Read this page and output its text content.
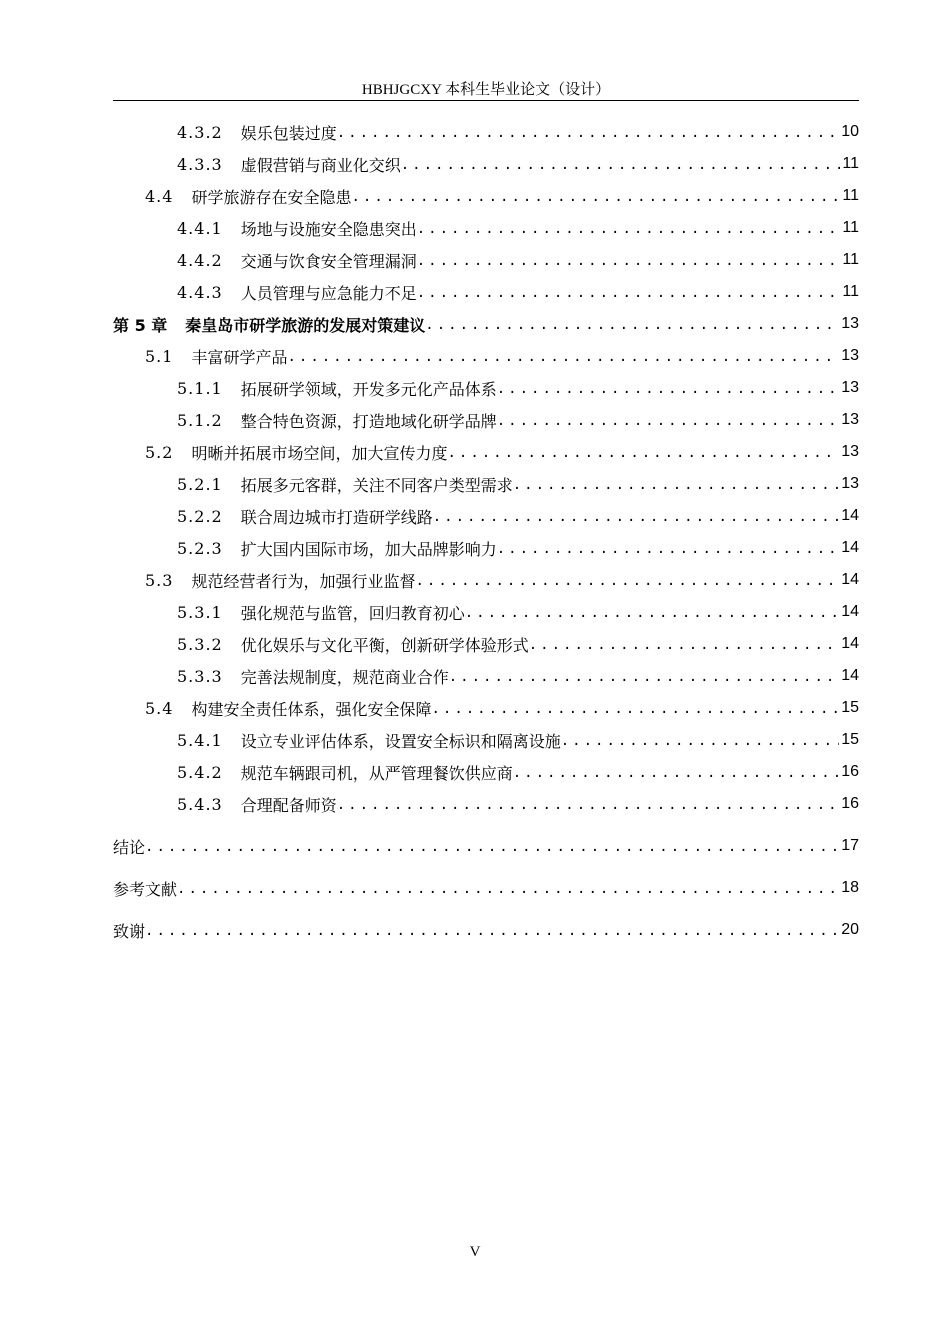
HBHJGCXY 本科生毕业论文（设计）
4.3.2 娱乐包装过度 .....	10
4.3.3 虚假营销与商业化交织 .....	11
4.4 研学旅游存在安全隐患 .....	11
4.4.1 场地与设施安全隐患突出 .....	11
4.4.2 交通与饮食安全管理漏洞 .....	11
4.4.3 人员管理与应急能力不足 .....	11
第 5 章 秦皇岛市研学旅游的发展对策建议 .....	13
5.1 丰富研学产品 .....	13
5.1.1 拓展研学领域，开发多元化产品体系 .....	13
5.1.2 整合特色资源，打造地域化研学品牌 .....	13
5.2 明晰并拓展市场空间，加大宣传力度 .....	13
5.2.1 拓展多元客群，关注不同客户类型需求 .....	13
5.2.2 联合周边城市打造研学线路 .....	14
5.2.3 扩大国内国际市场，加大品牌影响力 .....	14
5.3 规范经营者行为，加强行业监督 .....	14
5.3.1 强化规范与监管，回归教育初心 .....	14
5.3.2 优化娱乐与文化平衡，创新研学体验形式 .....	14
5.3.3 完善法规制度，规范商业合作 .....	14
5.4 构建安全责任体系，强化安全保障 .....	15
5.4.1 设立专业评估体系，设置安全标识和隔离设施 .....	15
5.4.2 规范车辆跟司机，从严管理餐饮供应商 .....	16
5.4.3 合理配备师资 .....	16
结论 .....	17
参考文献 .....	18
致谢 .....	20
V
